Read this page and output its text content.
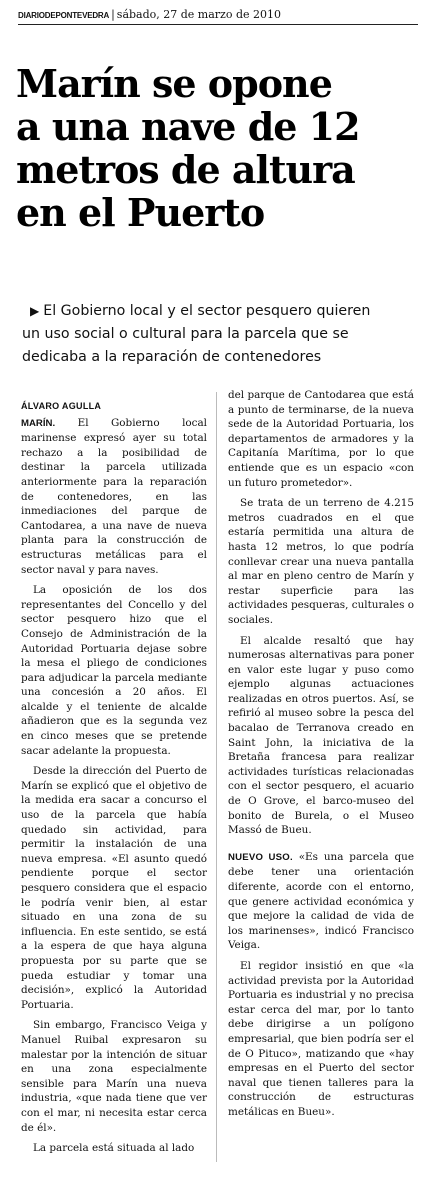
DIARIODEPONTEVEDRA | sábado, 27 de marzo de 2010
Marín se opone
a una nave de 12
metros de altura
en el Puerto
▶ El Gobierno local y el sector pesquero quieren
un uso social o cultural para la parcela que se
dedicaba a la reparación de contenedores
ÁLVARO AGULLA

MARÍN. El Gobierno local marinense expresó ayer su total rechazo a la posibilidad de destinar la parcela utilizada anteriormente para la reparación de contenedores, en las inmediaciones del parque de Cantodarea, a una nave de nueva planta para la construcción de estructuras metálicas para el sector naval y para naves.

La oposición de los dos representantes del Concello y del sector pesquero hizo que el Consejo de Administración de la Autoridad Portuaria dejase sobre la mesa el pliego de condiciones para adjudicar la parcela mediante una concesión a 20 años. El alcalde y el teniente de alcalde añadieron que es la segunda vez en cinco meses que se pretende sacar adelante la propuesta.

Desde la dirección del Puerto de Marín se explicó que el objetivo de la medida era sacar a concurso el uso de la parcela que había quedado sin actividad, para permitir la instalación de una nueva empresa. «El asunto quedó pendiente porque el sector pesquero considera que el espacio le podría venir bien, al estar situado en una zona de su influencia. En este sentido, se está a la espera de que haya alguna propuesta por su parte que se pueda estudiar y tomar una decisión», explicó la Autoridad Portuaria.

Sin embargo, Francisco Veiga y Manuel Ruibal expresaron su malestar por la intención de situar en una zona especialmente sensible para Marín una nueva industria, «que nada tiene que ver con el mar, ni necesita estar cerca de él».

La parcela está situada al lado

del parque de Cantodarea que está a punto de terminarse, de la nueva sede de la Autoridad Portuaria, los departamentos de armadores y la Capitanía Marítima, por lo que entiende que es un espacio «con un futuro prometedor».

Se trata de un terreno de 4.215 metros cuadrados en el que estaría permitida una altura de hasta 12 metros, lo que podría conllevar crear una nueva pantalla al mar en pleno centro de Marín y restar superficie para las actividades pesqueras, culturales o sociales.

El alcalde resaltó que hay numerosas alternativas para poner en valor este lugar y puso como ejemplo algunas actuaciones realizadas en otros puertos. Así, se refirió al museo sobre la pesca del bacalao de Terranova creado en Saint John, la iniciativa de la Bretaña francesa para realizar actividades turísticas relacionadas con el sector pesquero, el acuario de O Grove, el barco-museo del bonito de Burela, o el Museo Massó de Bueu.

NUEVO USO. «Es una parcela que debe tener una orientación diferente, acorde con el entorno, que genere actividad económica y que mejore la calidad de vida de los marinenses», indicó Francisco Veiga.

El regidor insistió en que «la actividad prevista por la Autoridad Portuaria es industrial y no precisa estar cerca del mar, por lo tanto debe dirigirse a un polígono empresarial, que bien podría ser el de O Pituco», matizando que «hay empresas en el Puerto del sector naval que tienen talleres para la construcción de estructuras metálicas en Bueu».
